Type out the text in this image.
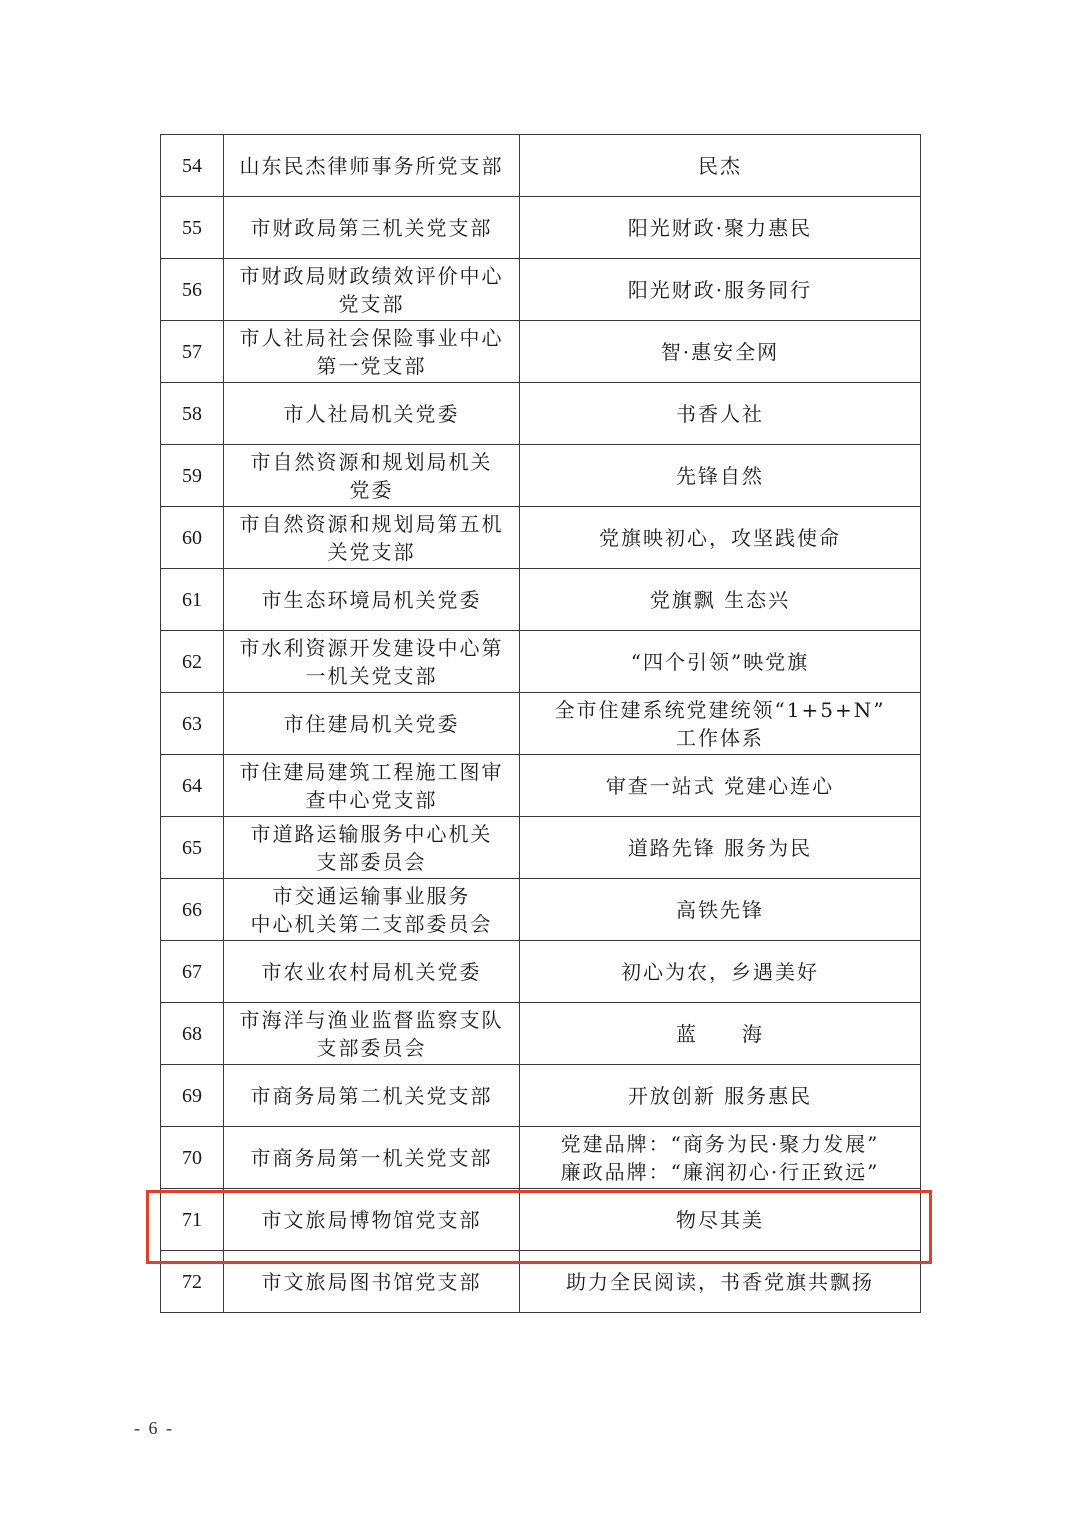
54	山东民杰律师事务所党支部	民杰

55	市财政局第三机关党支部	阳光财政·聚力惠民

56	市财政局财政绩效评价中心
党支部	阳光财政·服务同行

57	市人社局社会保险事业中心
第一党支部	智·惠安全网

58	市人社局机关党委	书香人社

59	市自然资源和规划局机关
党委	先锋自然

60	市自然资源和规划局第五机
关党支部	党旗映初心，攻坚践使命

61	市生态环境局机关党委	党旗飘 生态兴

62	市水利资源开发建设中心第
一机关党支部	“四个引领”映党旗

63	市住建局机关党委	全市住建系统党建统领“1+5+N”
工作体系

64	市住建局建筑工程施工图审
查中心党支部	审查一站式 党建心连心

65	市道路运输服务中心机关
支部委员会	道路先锋 服务为民

66	市交通运输事业服务
中心机关第二支部委员会	高铁先锋

67	市农业农村局机关党委	初心为农，乡遇美好

68	市海洋与渔业监督监察支队
支部委员会	蓝　　海

69	市商务局第二机关党支部	开放创新 服务惠民

70	市商务局第一机关党支部	党建品牌：“商务为民·聚力发展”
廉政品牌：“廉润初心·行正致远”

71	市文旅局博物馆党支部	物尽其美

72	市文旅局图书馆党支部	助力全民阅读，书香党旗共飘扬
- 6 -
